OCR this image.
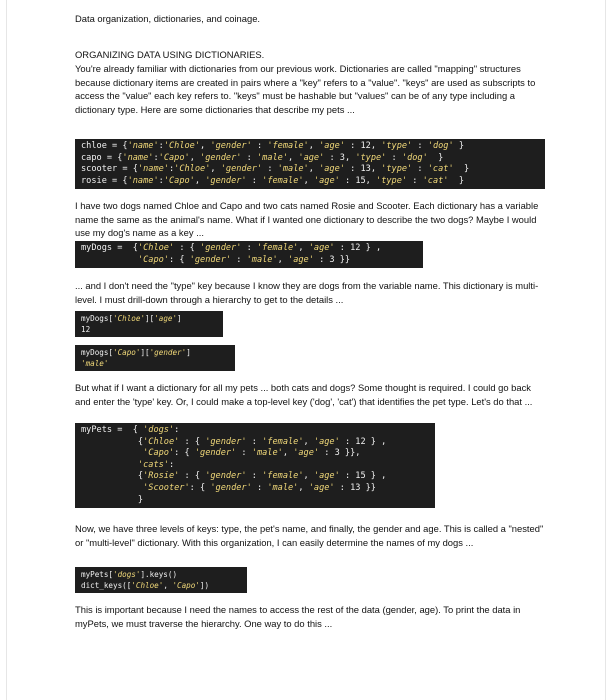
Data organization, dictionaries, and coinage.

ORGANIZING DATA USING DICTIONARIES.

You're already familiar with dictionaries from our previous work. Dictionaries are called "mapping" structures because dictionary items are created in pairs where a "key" refers to a "value". "keys" are used as subscripts to access the "value" each key refers to. "keys" must be hashable but "values" can be of any type including a dictionary type. Here are some dictionaries that describe my pets ...

chloe = {'name':'Chloe', 'gender' : 'female', 'age' : 12, 'type' : 'dog' }
capo = {'name':'Capo', 'gender' : 'male', 'age' : 3, 'type' : 'dog'  }
scooter = {'name':'Chloe', 'gender' : 'male', 'age' : 13, 'type' : 'cat'  }
rosie = {'name':'Capo', 'gender' : 'female', 'age' : 15, 'type' : 'cat'  }

I have two dogs named Chloe and Capo and two cats named Rosie and Scooter. Each dictionary has a variable name the same as the animal's name. What if I wanted one dictionary to describe the two dogs? Maybe I would use my dog's name as a key ...

myDogs =  {'Chloe' : { 'gender' : 'female', 'age' : 12 } ,
'Capo': { 'gender' : 'male', 'age' : 3 }}

... and I don't need the "type" key because I know they are dogs from the variable name. This dictionary is multi-level. I must drill-down through a hierarchy to get to the details ...

myDogs['Chloe']['age']
12
myDogs['Capo']['gender']
'male'

But what if I want a dictionary for all my pets ... both cats and dogs? Some thought is required. I could go back and enter the 'type' key. Or, I could make a top-level key ('dog', 'cat') that identifies the pet type. Let's do that ...

myPets =  { 'dogs':
{'Chloe' : { 'gender' : 'female', 'age' : 12 } ,
'Capo': { 'gender' : 'male', 'age' : 3 }},
'cats':
{'Rosie' : { 'gender' : 'female', 'age' : 15 } ,
'Scooter': { 'gender' : 'male', 'age' : 13 }}
}

Now, we have three levels of keys: type, the pet's name, and finally, the gender and age. This is called a "nested" or "multi-level" dictionary. With this organization, I can easily determine the names of my dogs ...

myPets['dogs'].keys()
dict_keys(['Chloe', 'Capo'])

This is important because I need the names to access the rest of the data (gender, age). To print the data in myPets, we must traverse the hierarchy. One way to do this ...
